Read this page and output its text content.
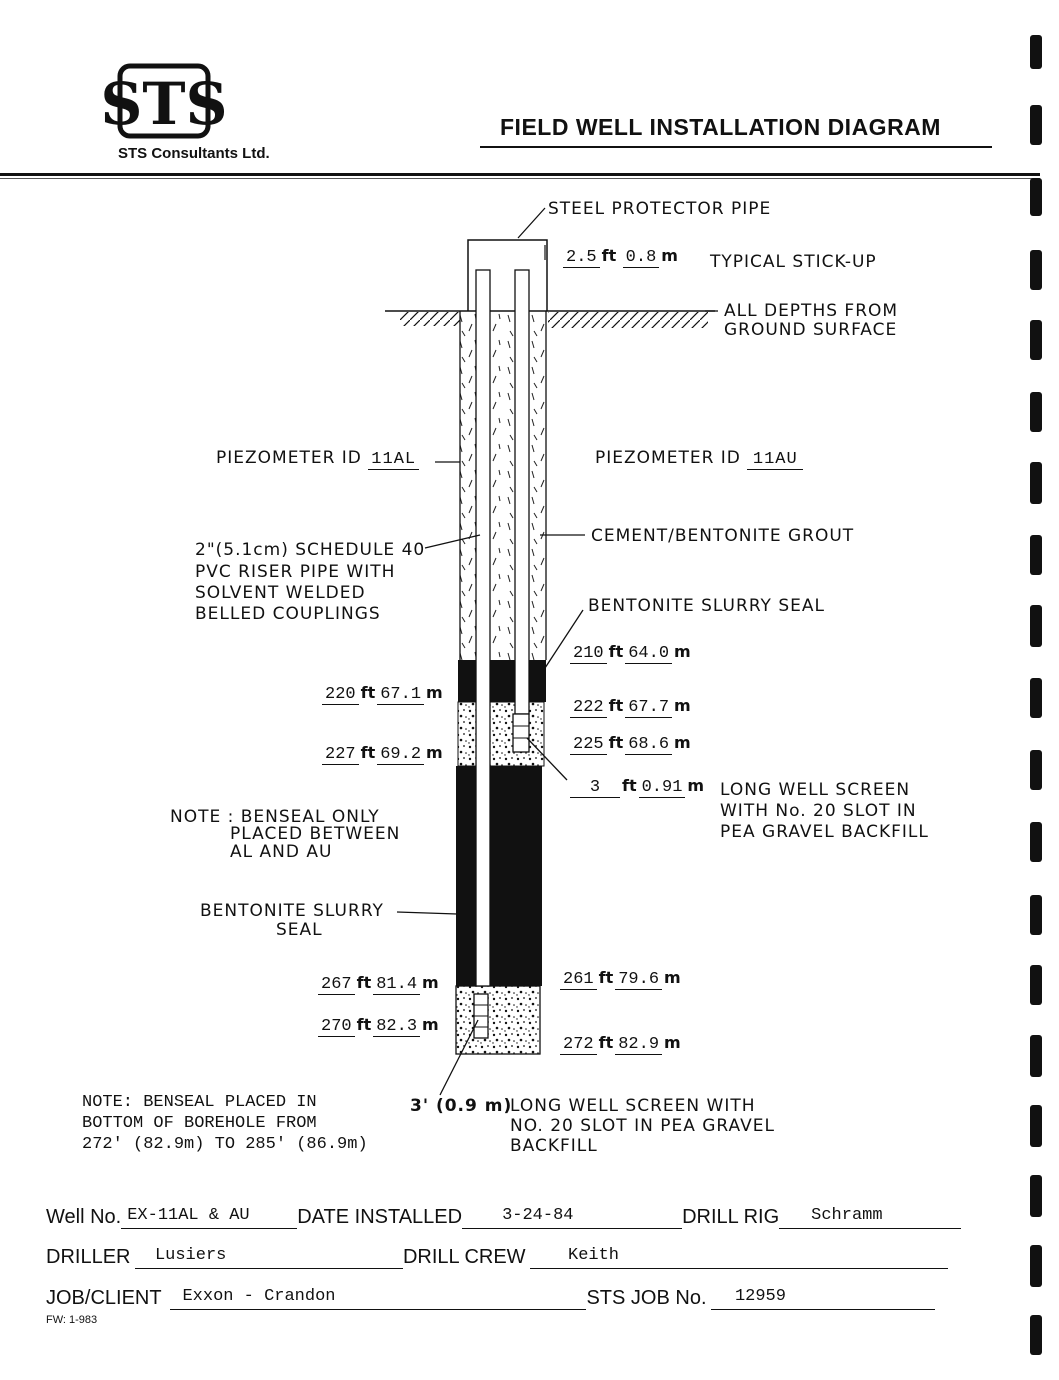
STS
STS Consultants Ltd.
FIELD WELL INSTALLATION DIAGRAM
STEEL PROTECTOR PIPE
2.5 ft 0.8 m TYPICAL STICK-UP
ALL DEPTHS FROM
GROUND SURFACE
PIEZOMETER ID 11AL	PIEZOMETER ID 11AU
2"(5.1cm) SCHEDULE 40
PVC RISER PIPE WITH
SOLVENT WELDED
BELLED COUPLINGS
CEMENT/BENTONITE GROUT
BENTONITE SLURRY SEAL
210 ft 64.0 m
222 ft 67.7 m
225 ft 68.6 m
3 ft 0.91 m LONG WELL SCREEN
WITH No. 20 SLOT IN
PEA GRAVEL BACKFILL
261 ft 79.6 m
272 ft 82.9 m
220 ft 67.1 m
227 ft 69.2 m
267 ft 81.4 m
270 ft 82.3 m
NOTE : BENSEAL ONLY
PLACED BETWEEN
AL AND AU
BENTONITE SLURRY
SEAL
NOTE: BENSEAL PLACED IN
BOTTOM OF BOREHOLE FROM
272' (82.9m) TO 285' (86.9m)
3' (0.9 m)
LONG WELL SCREEN WITH
NO. 20 SLOT IN PEA GRAVEL
BACKFILL
Well No. EX-11AL & AU DATE INSTALLED 3-24-84	DRILL RIG Schramm
DRILLER Lusiers	DRILL CREW Keith
JOB/CLIENT Exxon - Crandon	STS JOB No. 12959
FW: 1-983
